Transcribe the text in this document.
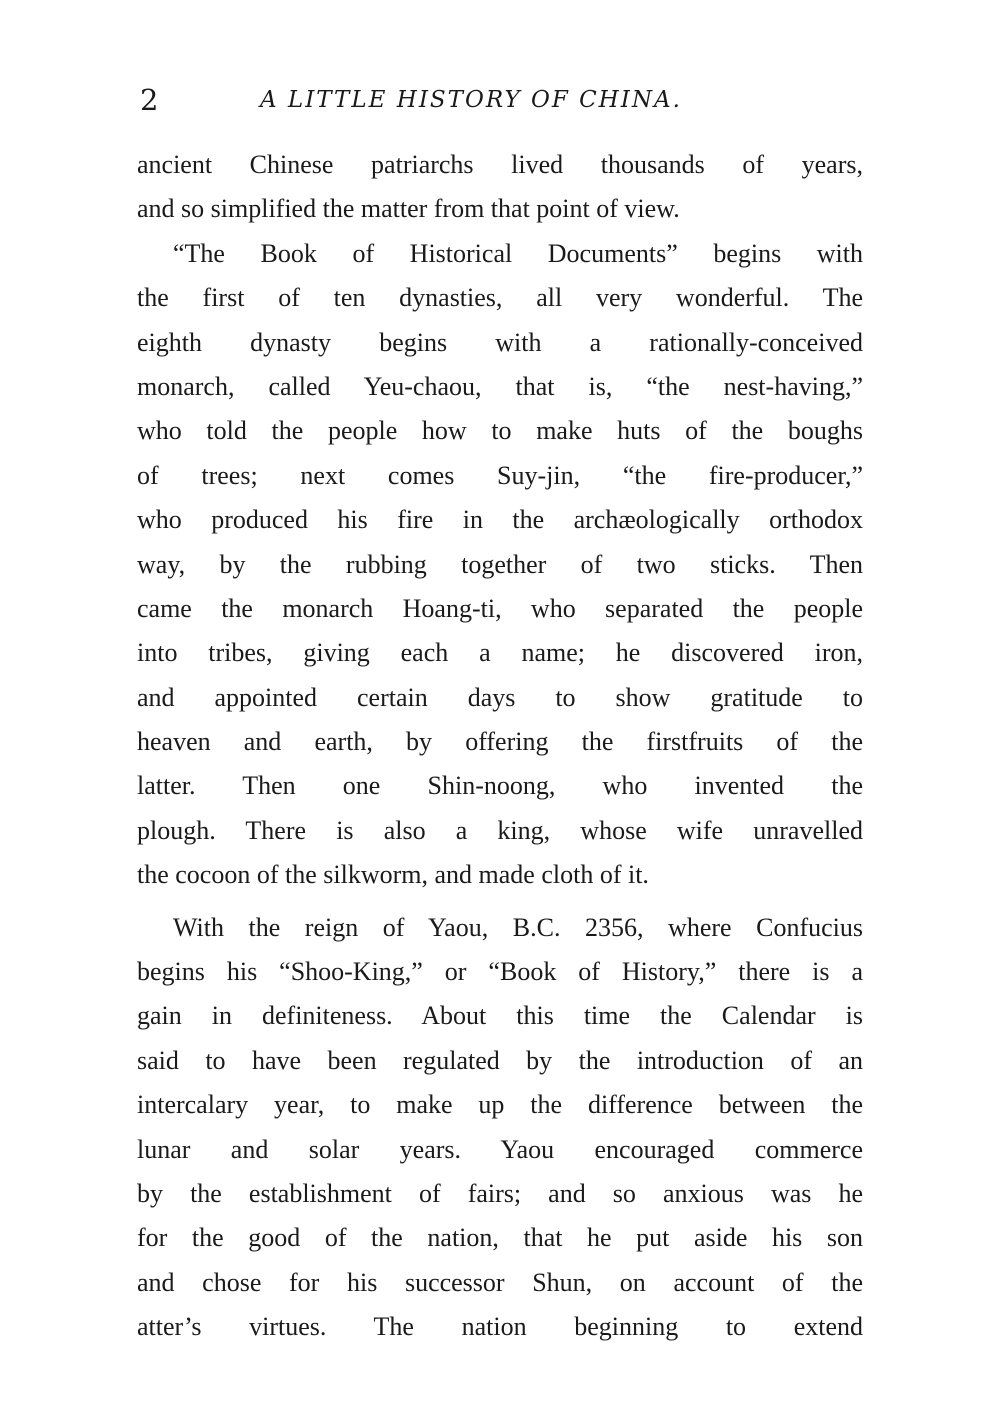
2	A LITTLE HISTORY OF CHINA.
ancient Chinese patriarchs lived thousands of years,
and so simplified the matter from that point of view.
“The Book of Historical Documents” begins with
the first of ten dynasties, all very wonderful. The
eighth dynasty begins with a rationally-conceived
monarch, called Yeu-chaou, that is, “the nest-having,”
who told the people how to make huts of the boughs
of trees; next comes Suy-jin, “the fire-producer,”
who produced his fire in the archæologically orthodox
way, by the rubbing together of two sticks. Then
came the monarch Hoang-ti, who separated the people
into tribes, giving each a name; he discovered iron,
and appointed certain days to show gratitude to
heaven and earth, by offering the firstfruits of the
latter. Then one Shin-noong, who invented the
plough. There is also a king, whose wife unravelled
the cocoon of the silkworm, and made cloth of it.
With the reign of Yaou, B.C. 2356, where Confucius
begins his “Shoo-King,” or “Book of History,” there is a
gain in definiteness. About this time the Calendar is
said to have been regulated by the introduction of an
intercalary year, to make up the difference between the
lunar and solar years. Yaou encouraged commerce
by the establishment of fairs; and so anxious was he
for the good of the nation, that he put aside his son
and chose for his successor Shun, on account of the
atter’s virtues. The nation beginning to extend
